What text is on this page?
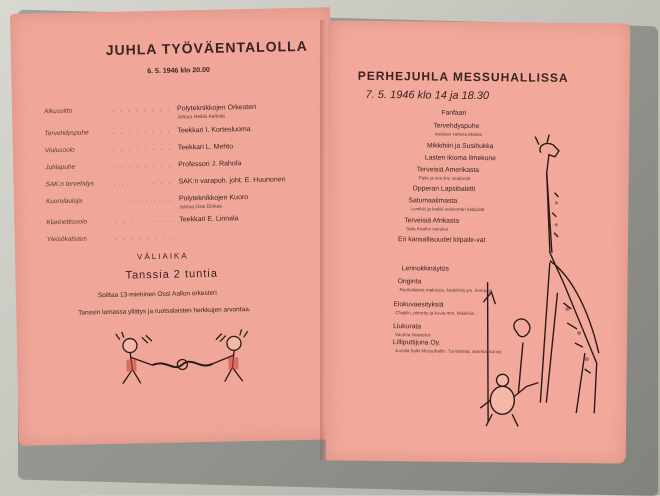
JUHLA TYÖVÄENTALOLLA
6. 5. 1946 klo 20.00
Alkusoitto	. . . . . . . . Polyteknikkojen Orkesteri
Johtaa Heikki Aaltoila
Tervehdyspuhe	. . . . . . . . Teekkari I. Kortesluoma
Viulusoolo	. . . . . . . . Teekkari L. Mehto
Juhlapuhe	. . . . . . . . Professori J. Rahola
SAK:n tervehdys	. . . . . . . . SAK:n varapuh. joht. E. Huunonen
Kuorolauluja	. . . . . . . . Polyteknikkojen Kuoro
Johtaa Ossi Elokas
Klarinettisoolo	. . . . . . . . Teekkari E. Linnala
Yleisökatsaus	. . . . . . . .
VÄLIAIKA
Tanssia 2 tuntia
Soittaa 13-miehinen Ossi Aallon orkesteri
Tanssin lomassa yllätys ja ruotsalaisten herkkujen arvontaa.
PERHEJUHLA MESSUHALLISSA
7. 5. 1946 klo 14 ja 18.30
Fanfaari
Tervehdyspuhe
teekkari Helena Malmo
Mikkihiiri ja Susihukka
Lasten ikioma ilmekone
Terveisiä Amerikasta
Paile ja ave-bry soapuvat
Opperan Lapsibaletti
Satumaailmasta
Lumikki ja kaikki seitsemän kääpiötä
Terveisiä Afrikasta
Sata Kirahvi vanulee
Eri kansallisuudet kilpaile-vat
Lennokkinäytös
Onginta
Ruotsalaisia makeisia, kedelintä ym. herkkuja
Elokuvaesityksiä
Chaplin, piirretty ja kuvia mm. Mikkihiiri
Liukurata
Vauhtia ilmaseksi
Lilliputtijuna Oy.
Junalla halki Messuhallin. Tunneleita, asemia, kurvia
